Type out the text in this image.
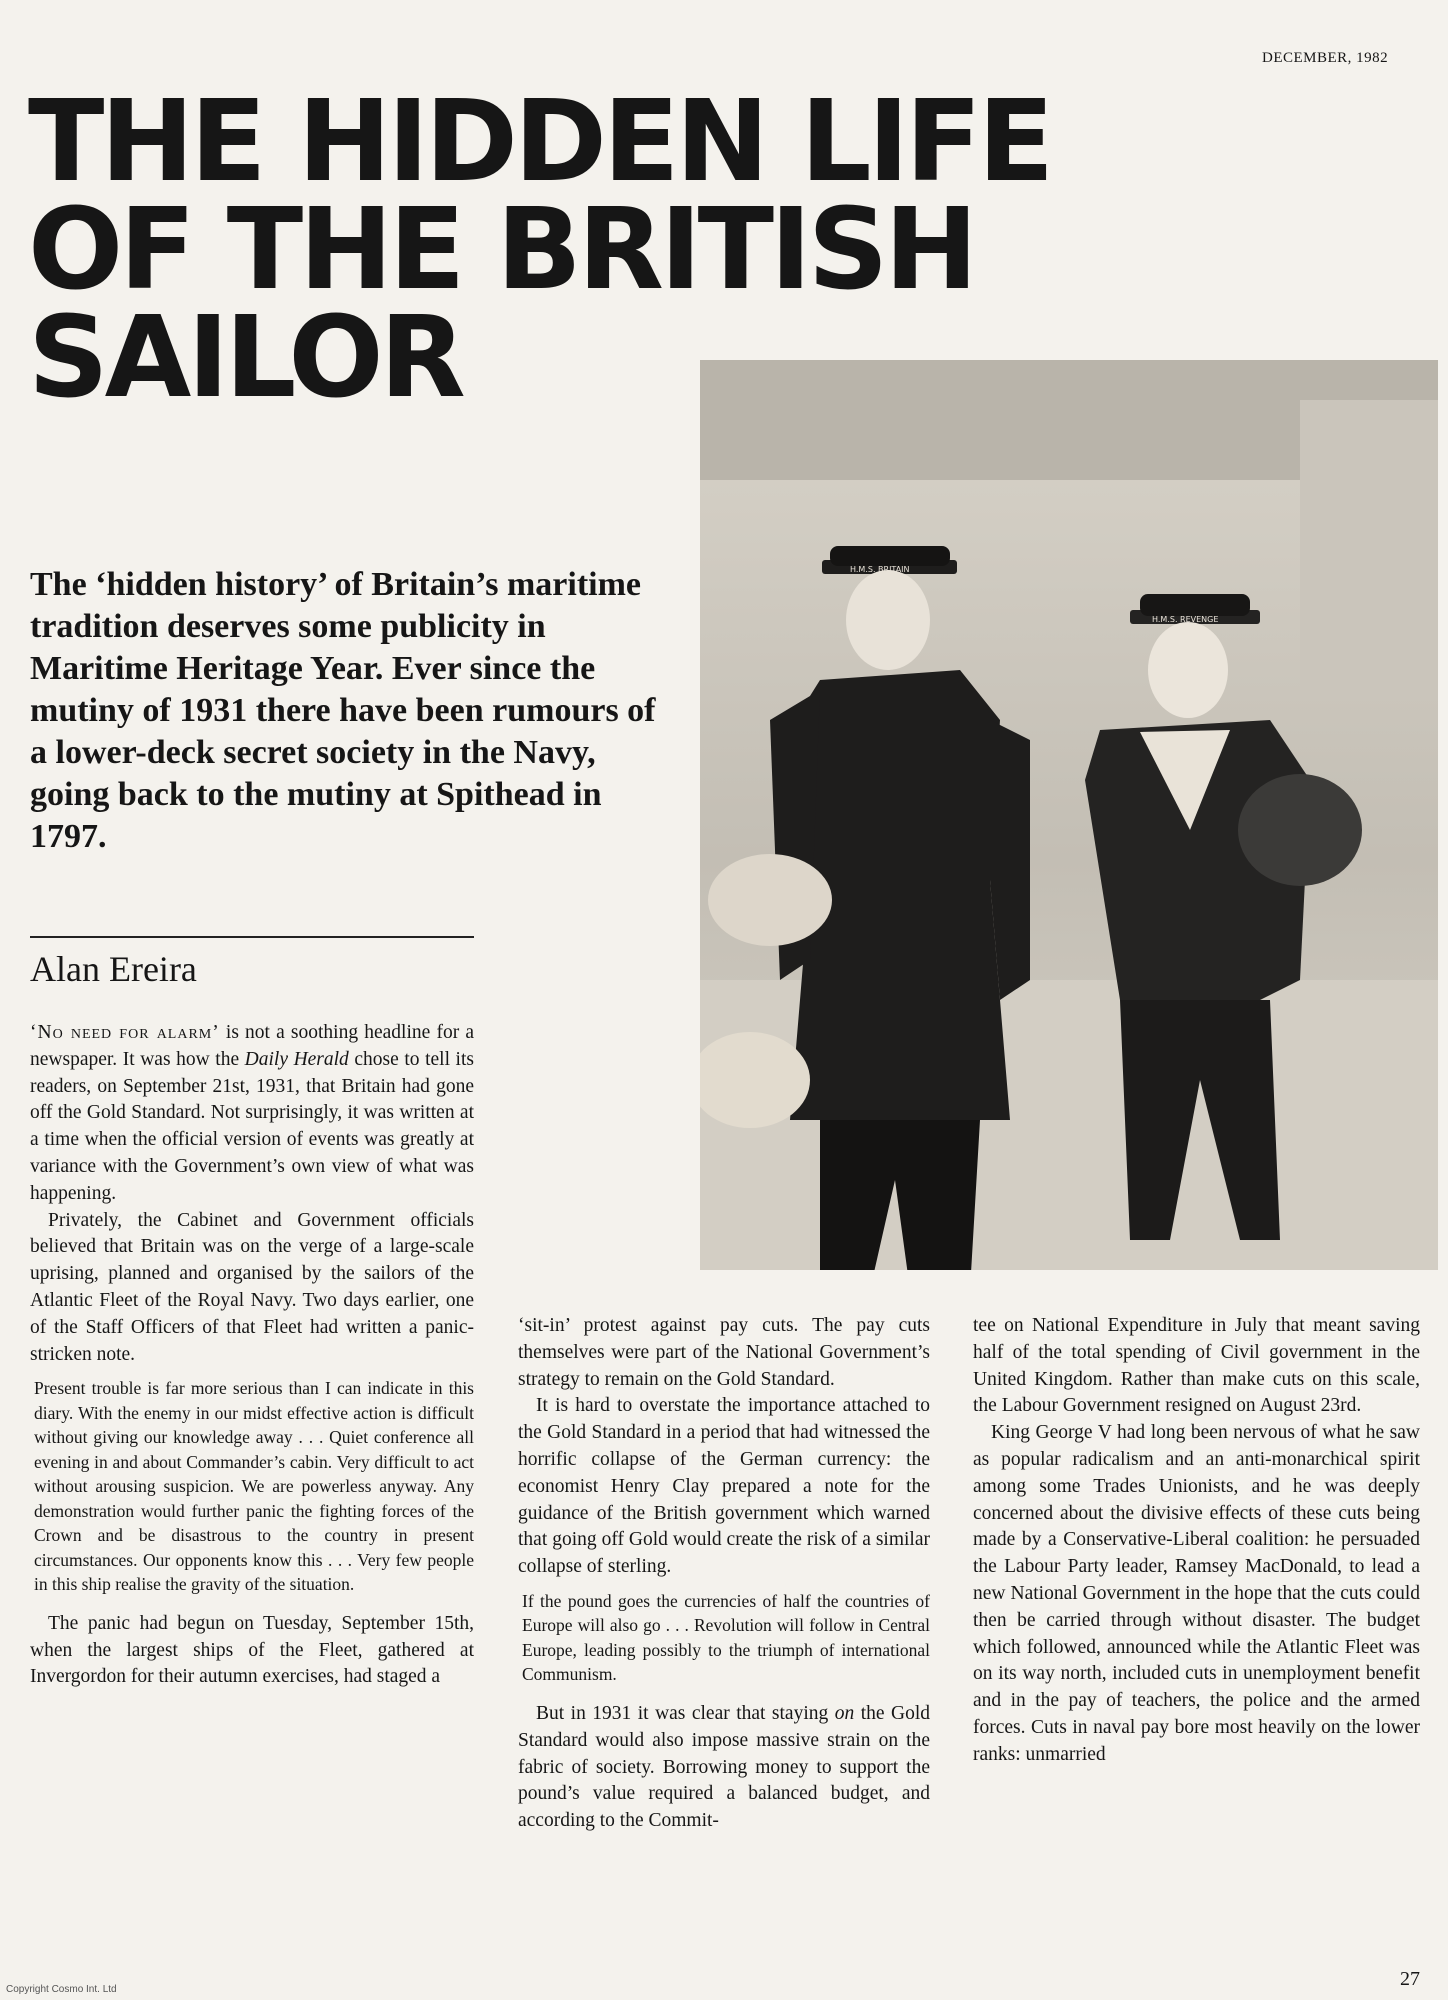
DECEMBER, 1982
H.M.S. BRITAIN
H.M.S. REVENGE
THE HIDDEN LIFE
OF THE BRITISH
SAILOR
The ‘hidden history’ of Britain’s maritime tradition deserves some publicity in Maritime Heritage Year. Ever since the mutiny of 1931 there have been rumours of a lower-deck secret society in the Navy, going back to the mutiny at Spithead in 1797.
Alan Ereira

‘No need for alarm’ is not a soothing headline for a newspaper. It was how the Daily Herald chose to tell its readers, on September 21st, 1931, that Britain had gone off the Gold Standard. Not surprisingly, it was written at a time when the official version of events was greatly at variance with the Government’s own view of what was happening.

Privately, the Cabinet and Government officials believed that Britain was on the verge of a large-scale uprising, planned and organised by the sailors of the Atlantic Fleet of the Royal Navy. Two days earlier, one of the Staff Officers of that Fleet had written a panic-stricken note.

Present trouble is far more serious than I can indicate in this diary. With the enemy in our midst effective action is difficult without giving our knowledge away . . . Quiet conference all evening in and about Commander’s cabin. Very difficult to act without arousing suspicion. We are powerless anyway. Any demonstration would further panic the fighting forces of the Crown and be disastrous to the country in present circumstances. Our opponents know this . . . Very few people in this ship realise the gravity of the situation.

The panic had begun on Tuesday, September 15th, when the largest ships of the Fleet, gathered at Invergordon for their autumn exercises, had staged a

‘sit-in’ protest against pay cuts. The pay cuts themselves were part of the National Government’s strategy to remain on the Gold Standard.

It is hard to overstate the importance attached to the Gold Standard in a period that had witnessed the horrific collapse of the German currency: the economist Henry Clay prepared a note for the guidance of the British government which warned that going off Gold would create the risk of a similar collapse of sterling.

If the pound goes the currencies of half the countries of Europe will also go . . . Revolution will follow in Central Europe, leading possibly to the triumph of international Communism.

But in 1931 it was clear that staying on the Gold Standard would also impose massive strain on the fabric of society. Borrowing money to support the pound’s value required a balanced budget, and according to the Commit-

tee on National Expenditure in July that meant saving half of the total spending of Civil government in the United Kingdom. Rather than make cuts on this scale, the Labour Government resigned on August 23rd.

King George V had long been nervous of what he saw as popular radicalism and an anti-monarchical spirit among some Trades Unionists, and he was deeply concerned about the divisive effects of these cuts being made by a Conservative-Liberal coalition: he persuaded the Labour Party leader, Ramsey MacDonald, to lead a new National Government in the hope that the cuts could then be carried through without disaster. The budget which followed, announced while the Atlantic Fleet was on its way north, included cuts in unemployment benefit and in the pay of teachers, the police and the armed forces. Cuts in naval pay bore most heavily on the lower ranks: unmarried

27
Copyright Cosmo Int. Ltd
